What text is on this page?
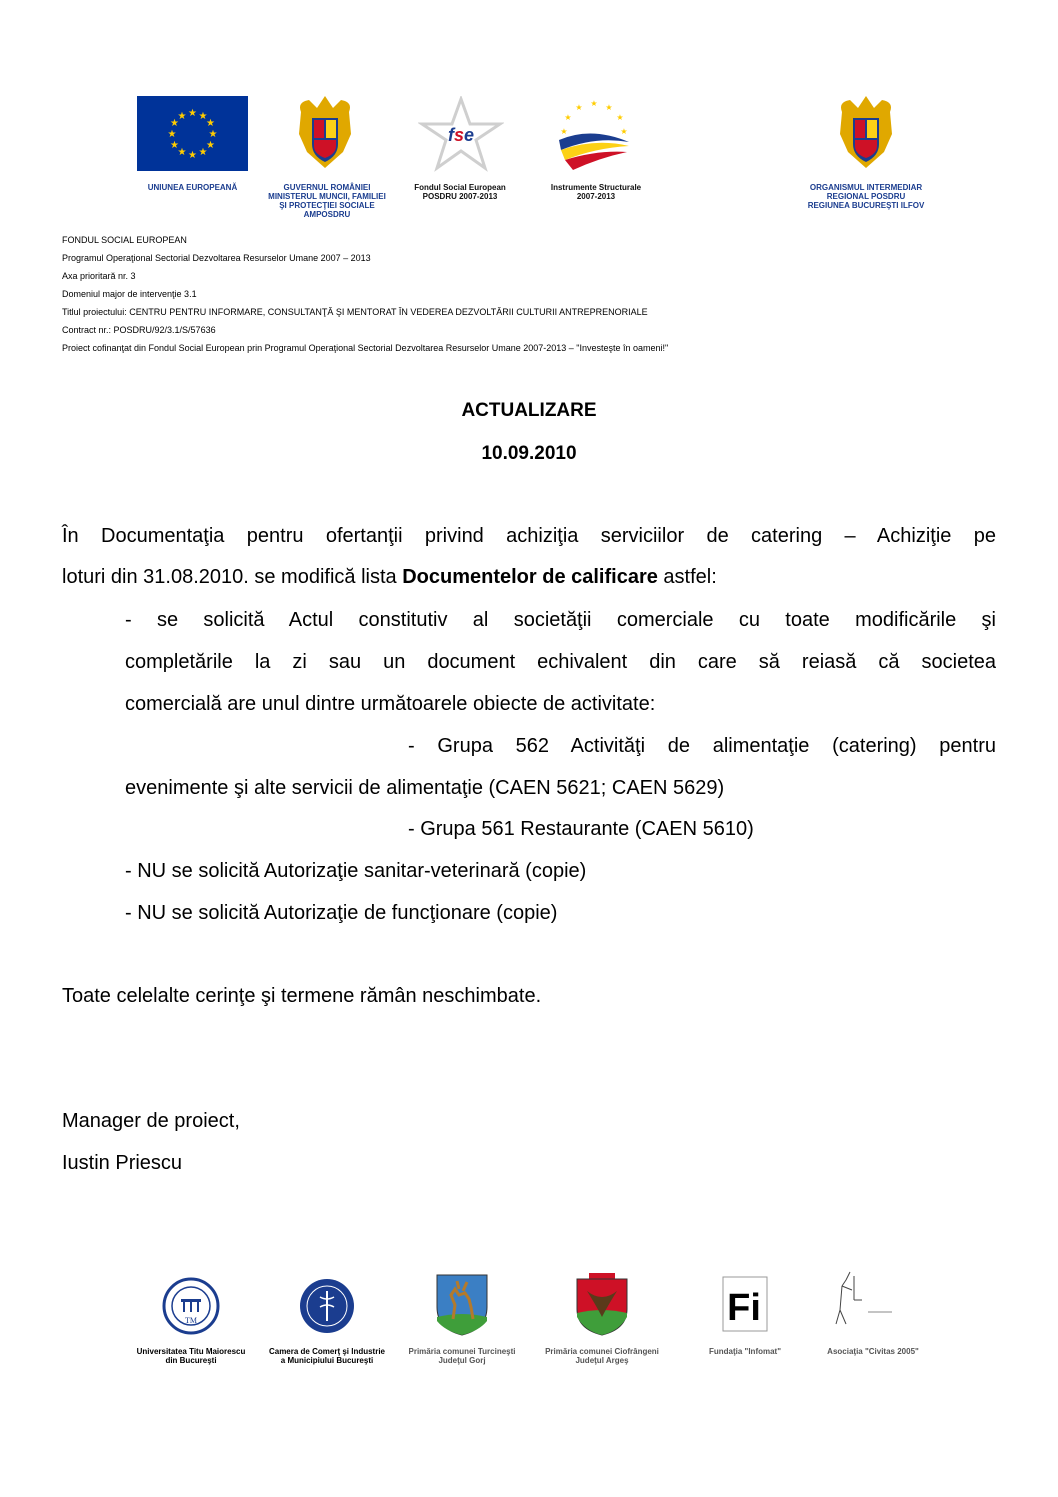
★ ★
★
★
★
★
★
★
★
★
★
★
UNIUNEA EUROPEANĂ	GUVERNUL ROMÂNIEI
MINISTERUL MUNCII, FAMILIEI
ŞI PROTECŢIEI SOCIALE
AMPOSDRU
fse
Fondul Social European
POSDRU 2007-2013
★ ★
★
★
★
★
★
Instrumente Structurale
2007-2013
ORGANISMUL INTERMEDIAR
REGIONAL POSDRU
REGIUNEA BUCUREŞTI ILFOV
FONDUL SOCIAL EUROPEAN
Programul Operaţional Sectorial Dezvoltarea Resurselor Umane 2007 – 2013
Axa prioritară nr. 3
Domeniul major de intervenţie 3.1
Titlul proiectului: CENTRU PENTRU INFORMARE, CONSULTANŢĂ ŞI MENTORAT ÎN VEDEREA DEZVOLTĂRII CULTURII ANTREPRENORIALE
Contract nr.: POSDRU/92/3.1/S/57636
Proiect cofinanţat din Fondul Social European prin Programul Operaţional Sectorial Dezvoltarea Resurselor Umane 2007-2013 – "Investeşte în oameni!"
ACTUALIZARE
10.09.2010
În Documentaţia pentru ofertanţii privind achiziţia serviciilor de catering – Achiziţie pe
loturi din 31.08.2010. se modifică lista Documentelor de calificare astfel:
- se solicită Actul constitutiv al societăţii comerciale cu toate modificările şi
completările la zi sau un document echivalent din care să reiasă că societea
comercială are unul dintre următoarele obiecte de activitate:
- Grupa 562 Activităţi de alimentaţie (catering) pentru
evenimente şi alte servicii de alimentaţie (CAEN 5621; CAEN 5629)
- Grupa 561 Restaurante (CAEN 5610)
- NU se solicită Autorizaţie sanitar-veterinară (copie)
- NU se solicită Autorizaţie de funcţionare (copie)
Toate celelalte cerinţe şi termene rămân neschimbate.
Manager de proiect,
Iustin Priescu
TM
Universitatea Titu Maiorescu
din Bucureşti
Camera de Comerţ şi Industrie
a Municipiului Bucureşti
Primăria comunei Turcineşti
Judeţul Gorj
Primăria comunei Ciofrângeni
Judeţul Argeş
Fi
Fundaţia "Infomat"	Asociaţia "Civitas 2005"
